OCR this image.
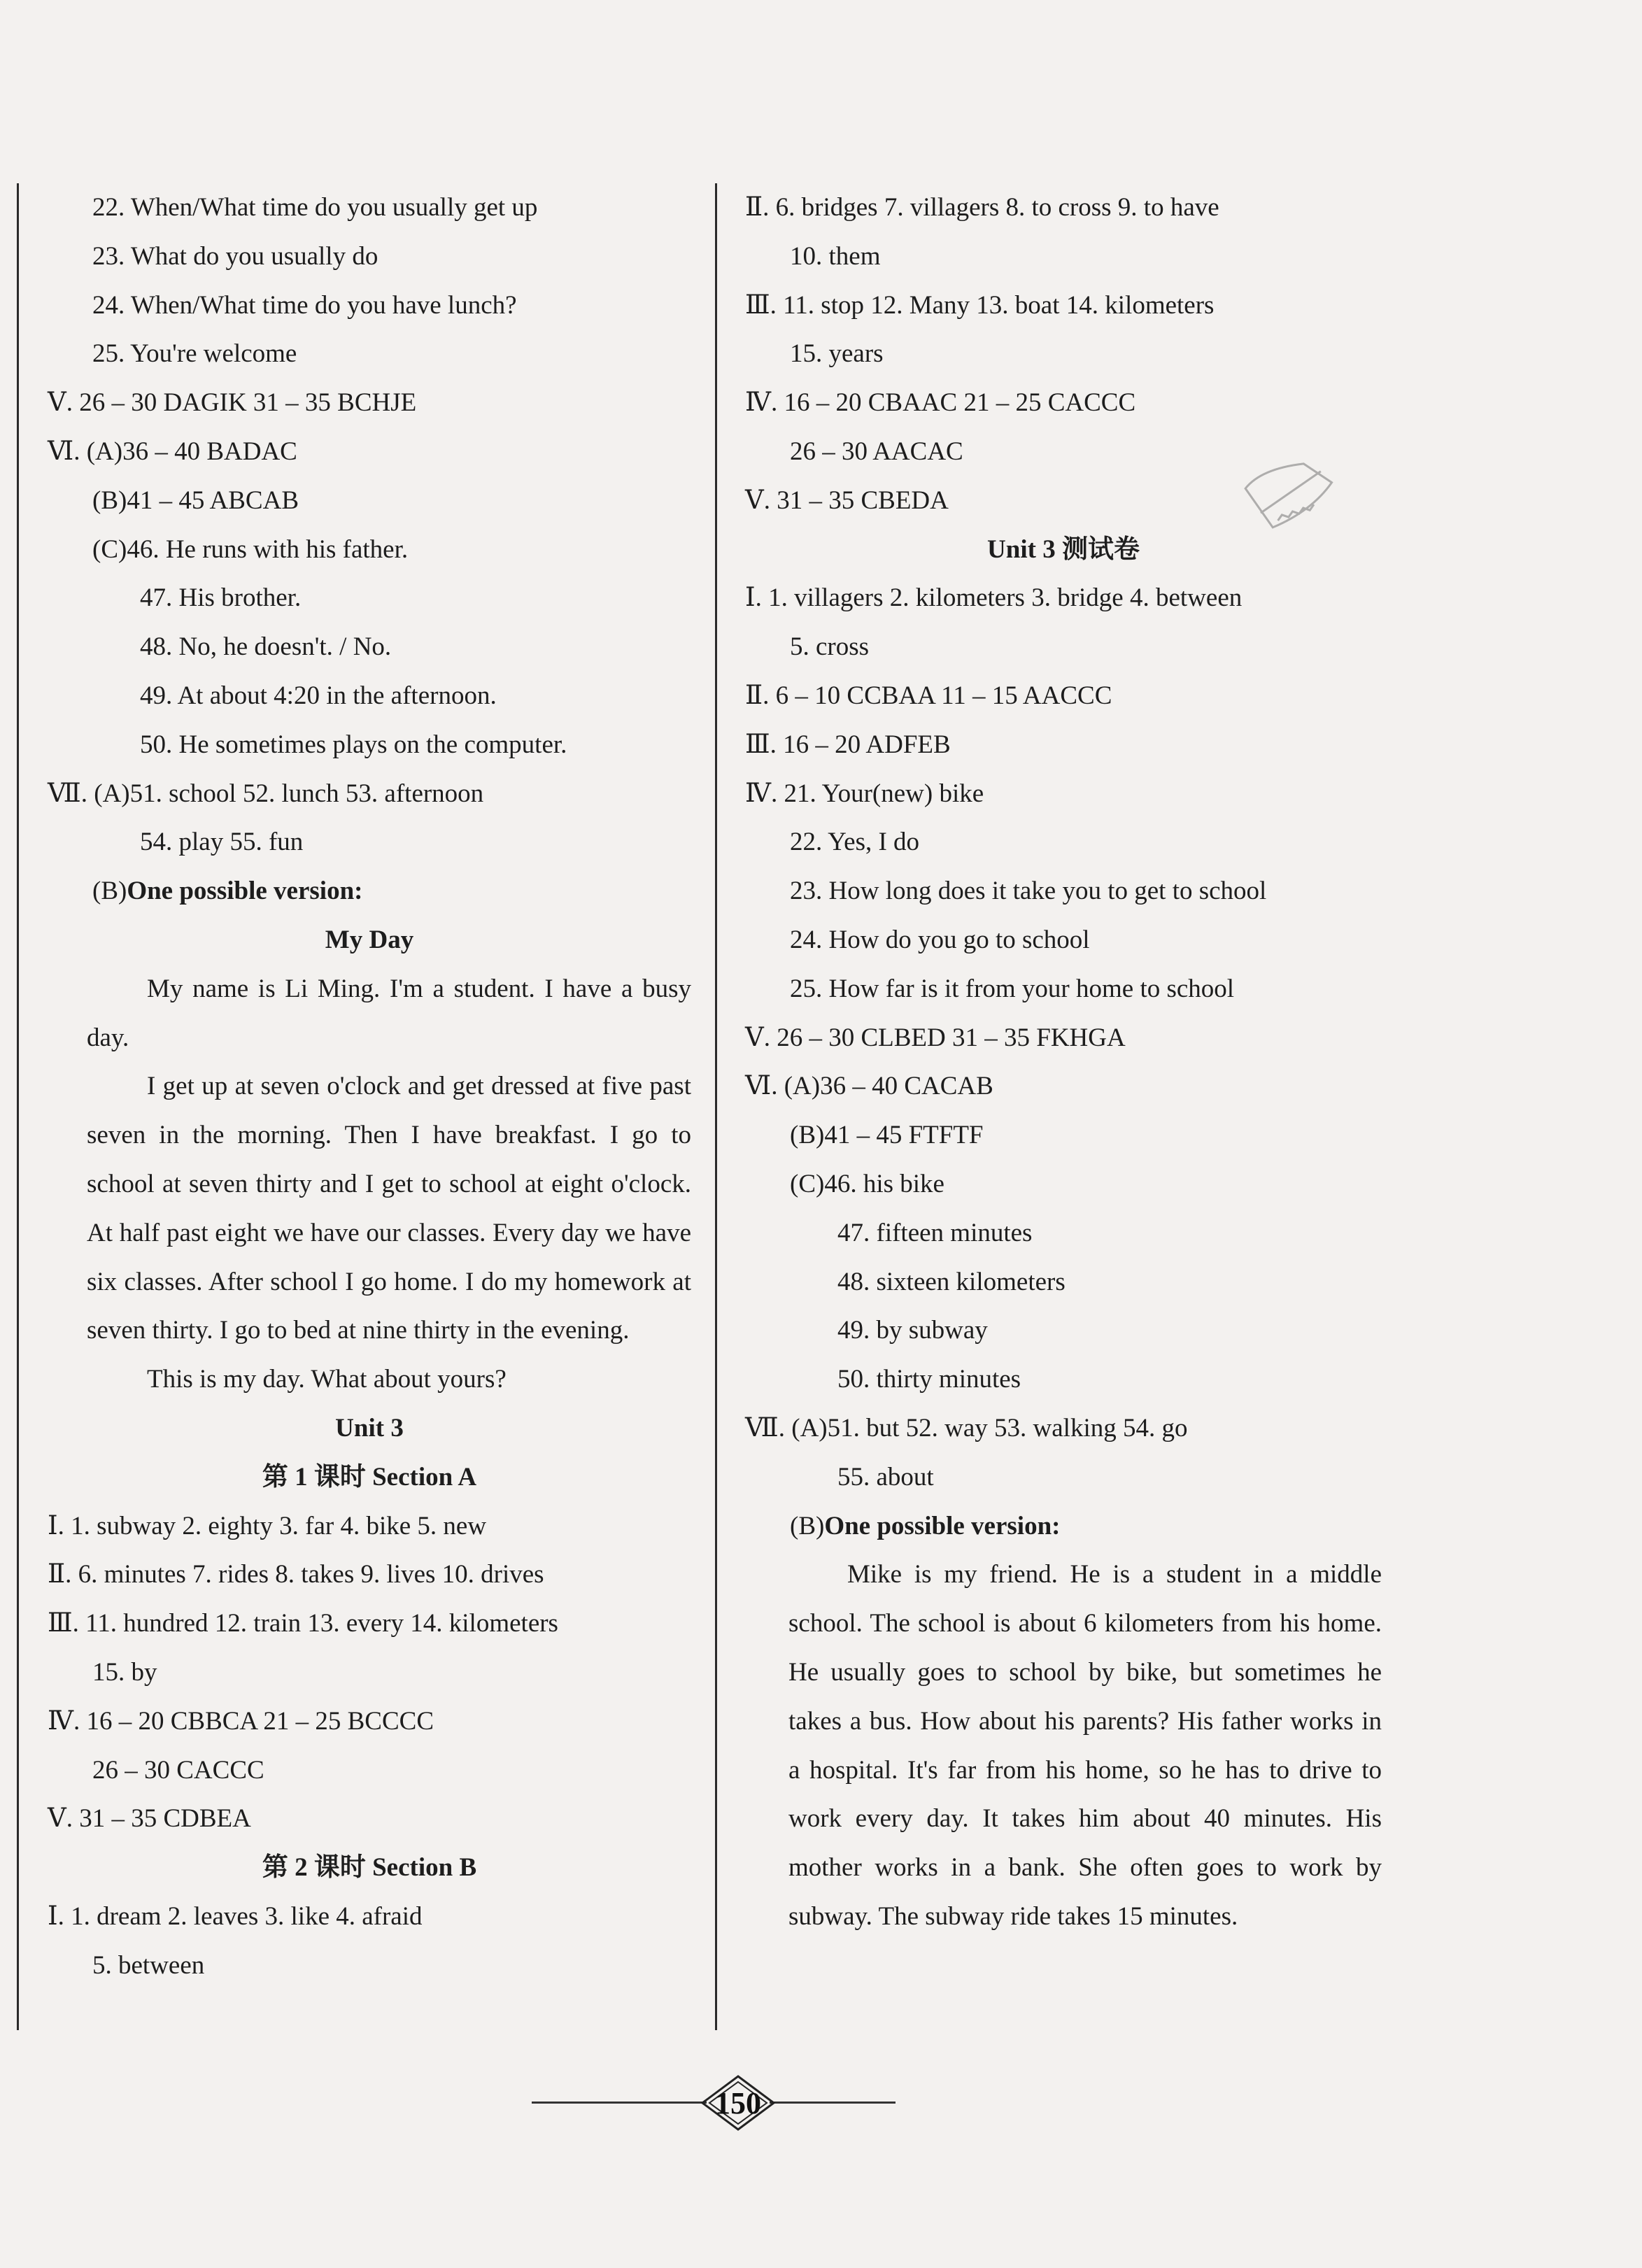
22. When/What time do you usually get up
23. What do you usually do
24. When/What time do you have lunch?
25. You're welcome
Ⅴ. 26 – 30 DAGIK 31 – 35 BCHJE
Ⅵ. (A)36 – 40 BADAC
(B)41 – 45 ABCAB
(C)46. He runs with his father.
47. His brother.
48. No, he doesn't. / No.
49. At about 4:20 in the afternoon.
50. He sometimes plays on the computer.
Ⅶ. (A)51. school 52. lunch 53. afternoon
54. play 55. fun
(B)One possible version:
My Day
My name is Li Ming. I'm a student. I have a busy day.
I get up at seven o'clock and get dressed at five past seven in the morning. Then I have breakfast. I go to school at seven thirty and I get to school at eight o'clock. At half past eight we have our classes. Every day we have six classes. After school I go home. I do my homework at seven thirty. I go to bed at nine thirty in the evening.
This is my day. What about yours?
Unit 3
第 1 课时 Section A
Ⅰ. 1. subway 2. eighty 3. far 4. bike 5. new
Ⅱ. 6. minutes 7. rides 8. takes 9. lives 10. drives
Ⅲ. 11. hundred 12. train 13. every 14. kilometers
15. by
Ⅳ. 16 – 20 CBBCA 21 – 25 BCCCC
26 – 30 CACCC
Ⅴ. 31 – 35 CDBEA
第 2 课时 Section B
Ⅰ. 1. dream 2. leaves 3. like 4. afraid
5. between
Ⅱ. 6. bridges 7. villagers 8. to cross 9. to have
10. them
Ⅲ. 11. stop 12. Many 13. boat 14. kilometers
15. years
Ⅳ. 16 – 20 CBAAC 21 – 25 CACCC
26 – 30 AACAC
Ⅴ. 31 – 35 CBEDA
Unit 3 测试卷
Ⅰ. 1. villagers 2. kilometers 3. bridge 4. between
5. cross
Ⅱ. 6 – 10 CCBAA 11 – 15 AACCC
Ⅲ. 16 – 20 ADFEB
Ⅳ. 21. Your(new) bike
22. Yes, I do
23. How long does it take you to get to school
24. How do you go to school
25. How far is it from your home to school
Ⅴ. 26 – 30 CLBED 31 – 35 FKHGA
Ⅵ. (A)36 – 40 CACAB
(B)41 – 45 FTFTF
(C)46. his bike
47. fifteen minutes
48. sixteen kilometers
49. by subway
50. thirty minutes
Ⅶ. (A)51. but 52. way 53. walking 54. go
55. about
(B)One possible version:
Mike is my friend. He is a student in a middle school. The school is about 6 kilometers from his home. He usually goes to school by bike, but sometimes he takes a bus. How about his parents? His father works in a hospital. It's far from his home, so he has to drive to work every day. It takes him about 40 minutes. His mother works in a bank. She often goes to work by subway. The subway ride takes 15 minutes.
150
